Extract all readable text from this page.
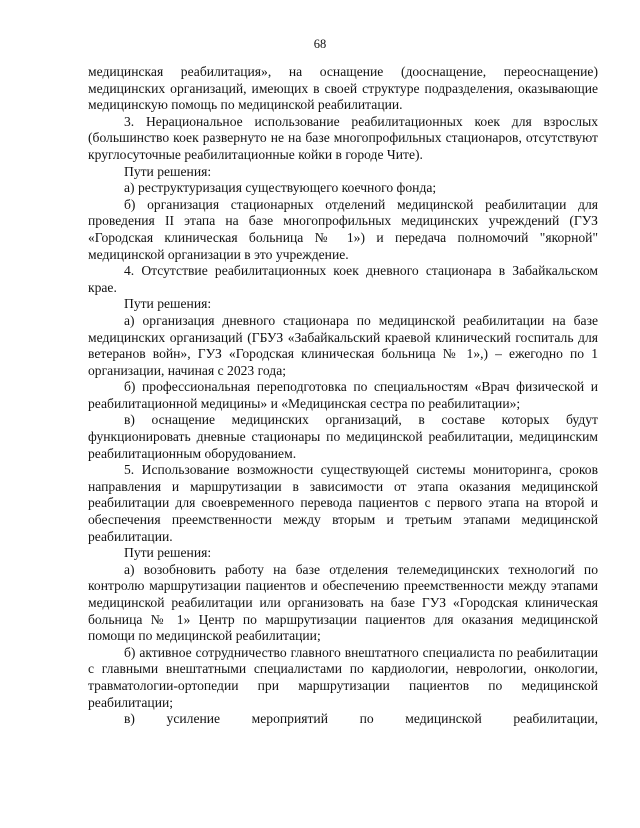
68

медицинская реабилитация», на оснащение (дооснащение, переоснащение) медицинских организаций, имеющих в своей структуре подразделения, оказывающие медицинскую помощь по медицинской реабилитации.

3. Нерациональное использование реабилитационных коек для взрослых (большинство коек развернуто не на базе многопрофильных стационаров, отсутствуют круглосуточные реабилитационные койки в городе Чите).

Пути решения:

а) реструктуризация существующего коечного фонда;

б) организация стационарных отделений медицинской реабилитации для проведения II этапа на базе многопрофильных медицинских учреждений (ГУЗ «Городская клиническая больница № 1») и передача полномочий "якорной" медицинской организации в это учреждение.

4. Отсутствие реабилитационных коек дневного стационара в Забайкальском крае.

Пути решения:

а) организация дневного стационара по медицинской реабилитации на базе медицинских организаций (ГБУЗ «Забайкальский краевой клинический госпиталь для ветеранов войн», ГУЗ «Городская клиническая больница № 1»,) – ежегодно по 1 организации, начиная с 2023 года;

б) профессиональная переподготовка по специальностям «Врач физической и реабилитационной медицины» и «Медицинская сестра по реабилитации»;

в) оснащение медицинских организаций, в составе которых будут функционировать дневные стационары по медицинской реабилитации, медицинским реабилитационным оборудованием.

5. Использование возможности существующей системы мониторинга, сроков направления и маршрутизации в зависимости от этапа оказания медицинской реабилитации для своевременного перевода пациентов с первого этапа на второй и обеспечения преемственности между вторым и третьим этапами медицинской реабилитации.

Пути решения:

а) возобновить работу на базе отделения телемедицинских технологий по контролю маршрутизации пациентов и обеспечению преемственности между этапами медицинской реабилитации или организовать на базе ГУЗ «Городская клиническая больница № 1» Центр по маршрутизации пациентов для оказания медицинской помощи по медицинской реабилитации;

б) активное сотрудничество главного внештатного специалиста по реабилитации с главными внештатными специалистами по кардиологии, неврологии, онкологии, травматологии-ортопедии при маршрутизации пациентов по медицинской реабилитации;

в) усиление мероприятий по медицинской реабилитации,
